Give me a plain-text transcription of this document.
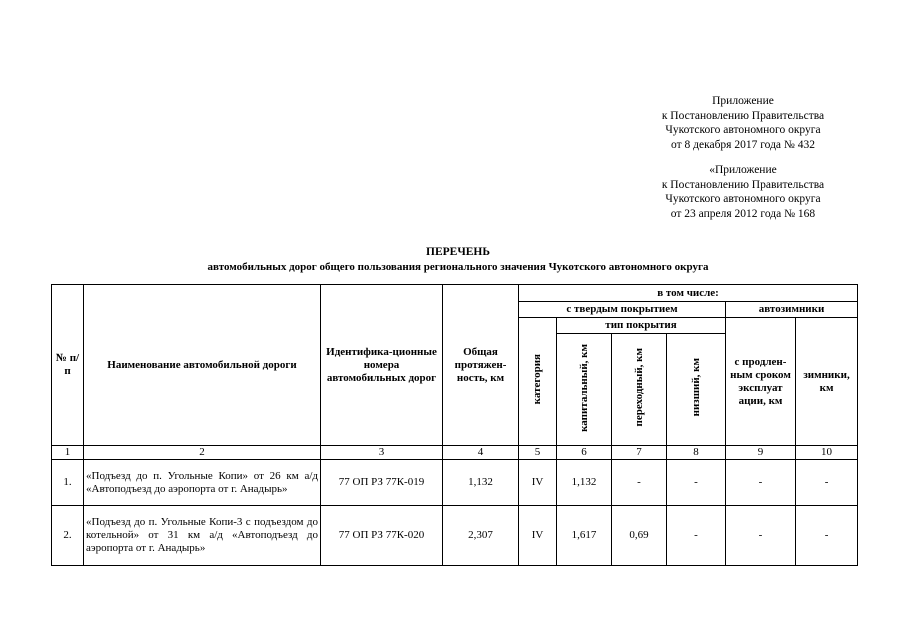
Приложение
к Постановлению Правительства
Чукотского автономного округа
от 8 декабря 2017 года № 432
«Приложение
к Постановлению Правительства
Чукотского автономного округа
от 23 апреля 2012 года № 168
ПЕРЕЧЕНЬ
автомобильных дорог общего пользования регионального значения Чукотского автономного округа
№ п/п	Наименование автомобильной дороги	Идентифика-ционные номера автомобильных дорог	Общая протяжен-ность, км	в том числе:					
				с твердым покрытием				автозимники	
				категория	тип покрытия			с продлен-ным сроком эксплуат ации, км	зимники, км
					капитальный, км	переходный, км	низший, км		
1	2	3	4	5	6	7	8	9	10
1.	«Подъезд до п. Угольные Копи» от 26 км а/д «Автоподъезд до аэропорта от г. Анадырь»	77 ОП РЗ 77К-019	1,132	IV	1,132	-	-	-	-
2.	«Подъезд до п. Угольные Копи-3 с подъездом до котельной» от 31 км а/д «Автоподъезд до аэропорта от г. Анадырь»	77 ОП РЗ 77К-020	2,307	IV	1,617	0,69	-	-	-
